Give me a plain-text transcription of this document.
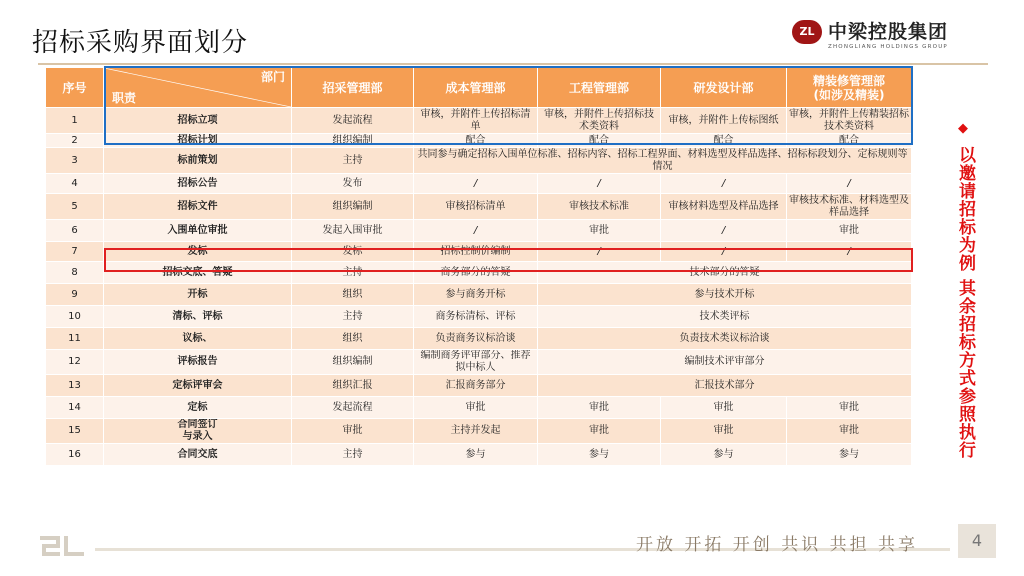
招标采购界面划分	ZL 中梁控股集团
ZHONGLIANG HOLDINGS GROUP
序号	部门
职责	招采管理部	成本管理部	工程管理部	研发设计部	精装修管理部
(如涉及精装)
1	招标立项	发起流程	审核，并附件上传招标清单	审核，并附件上传招标技术类资料	审核，并附件上传标图纸	审核，并附件上传精装招标技术类资料
2	招标计划	组织编制	配合	配合	配合	配合
3	标前策划	主持	共同参与确定招标入围单位标准、招标内容、招标工程界面、材料选型及样品选择、招标标段划分、定标规则等情况			
4	招标公告	发布	/	/	/	/
5	招标文件	组织编制	审核招标清单	审核技术标准	审核材料选型及样品选择	审核技术标准、材料选型及样品选择
6	入围单位审批	发起入围审批	/	审批	/	审批
7	发标	发标	招标控制价编制	/	/	/
8	招标交底、答疑	主持	商务部分的答疑	技术部分的答疑		
9	开标	组织	参与商务开标	参与技术开标		
10	清标、评标	主持	商务标清标、评标	技术类评标		
11	议标、	组织	负责商务议标洽谈	负责技术类议标洽谈		
12	评标报告	组织编制	编制商务评审部分、推荐拟中标人	编制技术评审部分		
13	定标评审会	组织汇报	汇报商务部分	汇报技术部分		
14	定标	发起流程	审批	审批	审批	审批
15	合同签订
与录入	审批	主持并发起	审批	审批	审批
16	合同交底	主持	参与	参与	参与	参与
◆
以邀请招标为例 其余招标方式参照执行
开放 开拓 开创 共识 共担 共享	4
